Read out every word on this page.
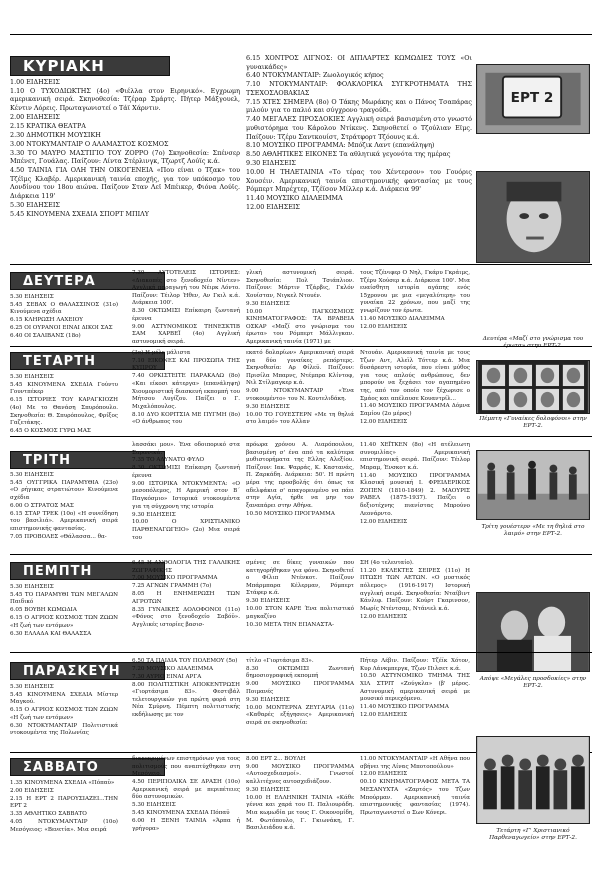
ΚΥΡΙΑΚΗ

1.00 ΕΙΔΗΣΕΙΣ

1.10 Ο ΤΥΧΟΔΙΩΚΤΗΣ (4o) «Φιέλλα στον Ειρηνικό». Εγχρωμη αμερικανική σειρά. Σκηνοθεσία: Τζέραρ Σμάρτς. Πήτερ Μάξγουελ, Κέντιν Λόρεις. Πρωταγωνιστεί ο Τάϊ Χάρντιν.

2.00 ΕΙΔΗΣΕΙΣ

2.15 ΚΡΑΤΙΚΑ ΘΕΑΤΡΑ

2.30 ΔΗΜΟΤΙΚΗ ΜΟΥΣΙΚΗ

3.00 ΝΤΟΚΥΜΑΝΤΑΙΡ Ο ΑΛΑΜΑΣΤΟΣ ΚΟΣΜΟΣ

3.30 ΤΟ ΜΑΥΡΟ ΜΑΣΤΙΓΙΟ ΤΟΥ ΖΟΡΡΟ (7o) Σκηνοθεσία: Σπένσερ Μπένετ, Γουάλας. Παίζουν: Λίντα Στέρλινγκ, Τζωρτζ Λούϊς κ.ά.

4.50 ΤΑΙΝΙΑ ΓΙΑ ΟΛΗ ΤΗΝ ΟΙΚΟΓΕΝΕΙΑ «Που είναι ο Τζακ» του Τζέϊμς Κλαβέρ. Αμερικανική ταινία εποχής, για τον υπόκοσμο του Λονδίνου τον 18ου αιώνα. Παίζουν Σταν Λεϊ Μπέικερ, Φιόνα Λούϊς. Διάρκεια 119'

5.30 ΕΙΔΗΣΕΙΣ

5.45 ΚΙΝΟΥΜΕΝΑ ΣΧΕΔΙΑ ΣΠΟΡΤ ΜΠΙΛΥ

6.15 ΧΟΝΤΡΟΣ ΛΙΓΝΟΣ: ΟΙ ΔΙΠΛΑΡΤΕΣ ΚΩΜΩΔΙΕΣ ΤΟΥΣ «Οι γυναικάδες»

6.40 ΝΤΟΚΥΜΑΝΤΑΙΡ: Ζωολογικός κήπος

7.10 ΝΤΟΚΥΜΑΝΤΑΙΡ: ΦΟΛΚΛΟΡΙΚΑ ΣΥΓΚΡΟΤΗΜΑΤΑ ΤΗΣ ΤΣΕΧΟΣΛΟΒΑΚΙΑΣ

7.15 ΧΤΕΣ ΣΗΜΕΡΑ (8o) Ο Τάκης Μωράκης και ο Πάνος Τσαπάρας μιλούν για το παλιό και σύγχρονο τραγούδι.

7.40 ΜΕΓΑΛΕΣ ΠΡΟΣΔΟΚΙΕΣ Αγγλική σειρά βασισμένη στο γνωστό μυθιστόρημα του Κάρολου Ντίκενς. Σκηνοθετεί ο Τζούλιαν Εϊμς. Παίζουν: Τζέρυ Σαντκουίστ, Στράτφορτ Τζόουνς κ.ά.

8.10 ΜΟΥΣΙΚΟ ΠΡΟΓΡΑΜΜΑ: Μπόζικ Λαντ (επανάληψη)

8.50 ΑΘΛΗΤΙΚΕΣ ΕΙΚΟΝΕΣ Τα αθλητικά γεγονότα της ημέρας

9.30 ΕΙΔΗΣΕΙΣ

10.00 Η ΤΗΛΕΤΑΙΝΙΑ «Το τέρας του Χέντερσον» του Γουόρις Χουσέιν. Αμερικανική ταινία επιστημονικής φαντασίας με τους Ρόμπερτ Μπρέχτερ, Τζέϊσον Μίλλερ κ.ά. Διάρκεια 99'

11.40 ΜΟΥΣΙΚΟ ΔΙΑΛΕΙΜΜΑ

12.00 ΕΙΔΗΣΕΙΣ

ΕΡΤ 2
ΔΕΥΤΕΡΑ

5.30 ΕΙΔΗΣΕΙΣ

5.45 ΣΕΒΑΧ Ο ΘΑΛΑΣΣΙΝΟΣ (31o) Κινούμενα σχέδια

6.15 ΚΛΗΡΩΣΗ ΛΑΧΕΙΟΥ

6.25 ΟΙ ΟΥΡΑΝΟΙ ΕΙΝΑΙ ΔΙΚΟΙ ΣΑΣ

6.40 ΟΙ ΣΑΛΙΒΑΝΣ (18o)

7.30 ΑΥΤΟΤΕΛΕΙΣ ΙΣΤΟΡΙΕΣ: «Διακοπές στο ξενοδοχείο Νίντεν» Αγγλική παραγωγή του Νέιρκ Λόντο. Παίζουν: Τέιλορ Ήθεν, Αν Γκιλ κ.ά. Διάρκεια 100'.

8.30 ΟΚΤΩΜΙΣΙ Επίκαιρη ζωντανή έρευνα

9.00 ΑΣΤΥΝΟΜΙΚΟΣ ΤΗΝΕΣΚΤΙΒ ΣΑΜ ΧΑΡΒΕΪ (4o) Αγγλική αστυνομική σειρά.

γλική αστυνομική σειρά. Σκηνοθεσία: Πολ Τσιάπλιον. Παίζουν: Μάρτιν Τζάρβις, Γκλόν Χουίσταν, Νιγκελ Ντουέν.

9.30 ΕΙΔΗΣΕΙΣ

10.00 ΠΑΓΚΟΣΜΙΟΣ ΚΙΝΗΜΑΤΟΓΡΑΦΟΣ: ΤΑ ΒΡΑΒΕΙΑ ΟΣΚΑΡ «Μαζί στο γνώρισμα του έρωτα» του Ρόμπερτ Μάλλιγκαν. Αμερικανική ταινία (1971) με

τους Τζένιφερ Ο Νηλ, Γκάρυ Γκράιμς, Τζέρυ Χούσερ κ.ά. Διάρκεια 100'. Μια ευαίσθητη ιστορία αγάπης ενός 15χρονου με μια «μεγαλύτερη» του γυναίκα 22 χρόνων, που μαζί της γνωρίζουν τον έρωτα.

11.40 ΜΟΥΣΙΚΟ ΔΙΑΛΕΙΜΜΑ

12.00 ΕΙΔΗΣΕΙΣ

Δευτέρα «Μαζί στο γνώρισμα του έρωτα» στην ΕΡΤ-2.
ΤΕΤΑΡΤΗ

5.30 ΕΙΔΗΣΕΙΣ

5.45 ΚΙΝΟΥΜΕΝΑ ΣΧΕΔΙΑ Γούντυ Γουντπέκερ

6.15 ΙΣΤΟΡΙΕΣ ΤΟΥ ΚΑΡΑΓΚΙΟΖΗ (4o) Με το Θανάση Σπυρόπουλο. Σκηνοθεσία: Θ. Σπυρόπουλος, Φρίξος Γαζετάκης.

6.45 Ο ΚΟΣΜΟΣ ΓΥΡΩ ΜΑΣ

(3o) Η μέλε μάλιστα

7.10 ΕΙΚΟΝΕΣ ΚΑΙ ΠΡΟΣΩΠΑ ΤΗΣ ΚΥΠΡΟΥ

7.40 ΟΡΚΙΣΤΕΙΤΕ ΠΑΡΑΚΑΛΩ (8o) «Και είκοσι κάτεργα» (επανάληψη) Χιουμοριστική διασκευή εκπομπή του Μήτσου Λυγίζου. Παίζει ο Γ. Μιχαλόπουλος.

8.10 ΔΥΟ ΚΟΡΙΤΣΙΑ ΜΕ ΠΥΓΜΗ (8o) «Ο άνθρωπος του

εκατό δολαρίων» Αμερικανική σειρά για δύο γυναίκες ρεπόρτερς. Σκηνοθεσία: Αρ Φίλεϋ. Παίζουν: Πρισίλα Μπαρνς, Ντέμπρα Κλίντοφ, Νιλ Στίλμαγκερ κ.ά.

9.00 ΝΤΟΚΥΜΑΝΤΑΙΡ «Ένα ντοκουμέντο» του Ν. Κουτελιδάκη.

9.30 ΕΙΔΗΣΕΙΣ

10.00 ΤΟ ΓΟΥΕΣΤΕΡΝ «Με τη θηλιά στο λαιμό» του Αλλαν

Ντουάν. Αμερικανική ταινία με τους Τζων Αντ, Αλεϊλ Τόττερ κ.ά. Μια δυσάρεστη ιστορία, που είναι μύθος για τους απλούς ανθρώπους, δεν μπορούν να ξεχάσει τον αγαπημένο της, από τον οποίο τον ξέχωρισε ο Σμάος και απέλαυσε Κουαντρίλ...

11.40 ΜΟΥΣΙΚΟ ΠΡΟΓΡΑΜΜΑ Δόμνα Σαμίου (2ο μέρος)

12.00 ΕΙΔΗΣΕΙΣ	Πέμπτη «Γυναίκες δολοφόνοι» στην ΕΡΤ-2.
ΤΡΙΤΗ

5.30 ΕΙΔΗΣΕΙΣ

5.45 ΟΥΓΓΡΙΚΑ ΠΑΡΑΜΥΘΙΑ (23o) «Ο ρήγικας στρατιώτου» Κινούμενα σχέδια

6.00 Ο ΣΤΡΑΤΟΣ ΜΑΣ

6.15 ΣΤΑΡ ΤΡΕΚ (10o) «Η συνείδηση του βασιλιά». Αμερικανική σειρά επιστημονικής φαντασίας.

7.05 ΠΡΟΒΟΛΕΣ «Θάλασσα... θα-

λασσάκι μου». Ένα οδοιπορικό στα Σαρωνικά.

7.35 ΤΟ ΑΔΥΝΑΤΟ ΦΥΛΟ

8.30 ΟΚΤΩΜΙΣΙ Επίκαιρη ζωντανή έρευνα

9.00 ΙΣΤΟΡΙΚΑ ΝΤΟΚΥΜΕΝΤΑ: «Ο μεσοπόλεμος, Η Αμερική στον Β΄ Παγκόσμιο» Ιστορικά ντοκουμέντα για τη σύγχρονη της ιστορία

9.30 ΕΙΔΗΣΕΙΣ

10.00 Ο ΧΡΙΣΤΙΑΝΙΚΟ ΠΑΡΘΕΝΑΓΩΓΕΙΟ» (2o) Μια σειρά του

πρόωρα χρόνου Α. Λιαρόπουλου, βασισμένη σ' ένα από τα καλύτερα μυθιστορήματα της Ελλης Αλεξίου. Παίζουν: Ιακ. Ψαρράς, Κ. Καστανάς, Π. Ζαρκάδη. Διάρκεια: 50'. Η πρώτη μέρα της προσβολής ότι όπως τα αδελφάκια σ' απαγορευμένο να πάει στην Αγία, ήρθε να μην τον ξαναπάρει στην Αθήνα.

10.50 ΜΟΥΣΙΚΟ ΠΡΟΓΡΑΜΜΑ

11.40 ΧΕΪΤΚΕΝ (8o) «Η ατέλειωτη συνομιλίας» Αμερικανική επιστημονική σειρά. Παίζουν: Τέιλορ Μπραμ, Ένσκοτ κ.ά.

11.40 ΜΟΥΣΙΚΟ ΠΡΟΓΡΑΜΜΑ Κλασική μουσική Ι. ΦΡΕΙΔΕΡΙΚΟΣ ΖΟΠΕΝ (1810-1849) 2. ΜΑΟΥΡΙΣ ΡΑΒΕΛ (1875-1937). Παίζει ο δεξιοτέχνης πιανίστας Μπρούνο Λεονάρντο.

12.00 ΕΙΔΗΣΕΙΣ

Τρίτη γουέστερν «Με τη θηλιά στο λαιμό» στην ΕΡΤ-2.
ΠΕΜΠΤΗ

5.30 ΕΙΔΗΣΕΙΣ

5.45 ΤΟ ΠΑΡΑΜΥΘΙ ΤΩΝ ΜΕΓΑΛΩΝ Παιδικό

6.05 ΒΟΥΒΗ ΚΩΜΩΔΙΑ

6.15 Ο ΑΓΡΙΟΣ ΚΟΣΜΟΣ ΤΩΝ ΖΩΩΝ «Η ζωή των εντόμων»

6.30 ΕΛΛΑΔΑ ΚΑΙ ΘΑΛΑΣΣΑ

6.45 Η ΑΝΘΟΛΟΓΙΑ ΤΗΣ ΓΑΛΛΙΚΗΣ ΖΩΓΡΑΦΙΚΗΣ

7.00 ΜΟΥΣΙΚΟ ΠΡΟΓΡΑΜΜΑ

7.25 ΑΓΝΩΝ ΓΡΑΜΜΗ (7o)

8.05 Η ΕΝΗΜΕΡΩΣΗ ΤΩΝ ΑΓΡΟΤΩΝ

8.35 ΓΥΝΑΙΚΕΣ ΔΟΛΟΦΟΝΟΙ (11o) «Φόνος στο ξενοδοχείο Σαβόϋ». Αγγλικές ιστορίες βασισ-

σμένες σε δίκες γυναικών που κατηγορήθηκαν για φόνο. Σκηνοθετεί ο Φίλιπ Ντένκοτ. Παίζουν Μπάρμπαρα Κέλερμαν, Ρόμπερτ Στάφερ κ.ά.

9.30 ΕΙΔΗΣΕΙΣ

10.00 ΣΤΟΝ ΚΑΡΕ Ένα πολιτιστικό μαγκαζίνο

10.30 ΜΕΤΑ ΤΗΝ ΕΠΑΝΑΣΤΑ-

ΣΗ (4o τελευταίο).

11.20 ΕΚΛΕΚΤΕΣ ΣΕΙΡΕΣ (11o) Η ΠΤΩΣΗ ΤΩΝ ΑΕΤΩΝ. «Ο μυστικός πόλεμος» (1916-1917) Ιστορική αγγλική σειρά. Σκηνοθεσία: Νταίβιντ Κάνλιφ. Παίζουν: Κούρτ Γκαρινσον, Μωρίς Ντέντσαμ, Ντάνιελ κ.ά.

12.00 ΕΙΔΗΣΕΙΣ

Απόψε «Μεγάλες προσδοκίες» στην ΕΡΤ-2.
ΠΑΡΑΣΚΕΥΗ

5.30 ΕΙΔΗΣΕΙΣ

5.45 ΚΙΝΟΥΜΕΝΑ ΣΧΕΔΙΑ Μίστερ Μαγκού.

6.15 Ο ΑΓΡΙΟΣ ΚΟΣΜΟΣ ΤΩΝ ΖΩΩΝ «Η ζωή των εντόμων»

6.30 ΝΤΟΚΥΜΑΝΤΑΙΡ Πολιτιστικά ντοκουμέντα της Πολωνίας

6.50 ΤΑ ΠΑΙΔΙΑ ΤΟΥ ΠΟΛΕΜΟΥ (5o)

7.20 ΜΟΥΣΙΚΟ ΔΙΑΛΕΙΜΜΑ

7.30 ΑΥΡΙΟ ΕΙΝΑΙ ΑΡΓΑ

8.00 ΠΟΛΙΤΙΣΤΙΚΗ ΑΠΟΚΕΝΤΡΩΣΗ «Γιορτάσιμα 83». Φεστιβάλ τελετουργικών για πρώτη φορά στη Νέα Σμύρνη. Πέμπτη πολιτιστικής εκδήλωσης με τον

τίτλο «Γιορτάσιμα 83».

8.30 ΟΚΤΩΜΙΣΙ Ζωντανή δημοσιογραφική εκπομπή

9.00 ΜΟΥΣΙΚΟ ΠΡΟΓΡΑΜΜΑ Ποιμανές

9.30 ΕΙΔΗΣΕΙΣ

10.00 ΜΟΝΤΕΡΝΑ ΖΕΥΓΑΡΙΑ (11o) «Καθαρές εξήγησεις» Αμερικανική σειρά σε σκηνοθεσία:

Πήτερ Λέβιν. Παίζουν: Τζέϊκ Χότον, Κυρ Λάνκμπεργκ, Τζων Πιλσετ κ.ά.

10.50 ΑΣΤΥΝΟΜΙΚΟ ΤΜΗΜΑ ΤΗΣ ΧΙΛ ΣΤΡΙΤ «Ζούγκλα» (β' μέρος. Αστυνομική αμερικανική σειρά με μουσικό περιεχόμενο.

11.40 ΜΟΥΣΙΚΟ ΠΡΟΓΡΑΜΜΑ

12.00 ΕΙΔΗΣΕΙΣ

ΣΑΒΒΑΤΟ

1.35 ΚΙΝΟΥΜΕΝΑ ΣΧΕΔΙΑ «Πόπαϋ»

2.00 ΕΙΔΗΣΕΙΣ

2.15 Η ΕΡΤ 2 ΠΑΡΟΥΣΙΑΖΕΙ...ΤΗΝ ΕΡΤ 2

3.35 ΑΘΛΗΤΙΚΟ ΣΑΒΒΑΤΟ

4.05 ΝΤΟΚΥΜΑΝΤΑΙΡ (10o) Μεσόγειος: «Βενετία». Μια σειρά

διακεκριμένων επιστημόνων για τους πολιτισμούς που αναπτύχθηκαν στη Μεσόγειο.

4.50 ΠΕΡΙΠΟΛΙΚΑ ΣΕ ΔΡΑΣΗ (10o) Αμερικανική σειρά με περιπέτειες δύο αστυνομικών.

5.30 ΕΙΔΗΣΕΙΣ

5.45 ΚΙΝΟΥΜΕΝΑ ΣΧΕΔΙΑ Πόπαϋ

6.00 Η ΞΕΝΗ ΤΑΙΝΙΑ «Άρπα ή γρήγορα»

8.00 ΕΡΤ 2... ΒΟΥΛΗ

9.00 ΜΟΥΣΙΚΟ ΠΡΟΓΡΑΜΜΑ «Αυτοσχεδιασμοί». Γνωστοί καλλιτέχνες αυτοσχεδιάζουν.

9.30 ΕΙΔΗΣΕΙΣ

10.00 Η ΕΛΛΗΝΙΚΗ ΤΑΙΝΙΑ «Κάθε γέννα και χαρά του Π. Παλιουράδη. Μια κωμωδία με τους Γ. Οικονομίδη, Μ. Φωτόπουλο, Γ. Γκιωνάκη, Γ. Βασιλειάδου κ.ά.

11.00 ΝΤΟΚΥΜΑΝΤΑΙΡ «Η Αθήνα που σβήνει της Λίνας Μποτοπούλου»

12.00 ΕΙΔΗΣΕΙΣ

00.10 ΚΙΝΗΜΑΤΟΓΡΑΦΟΣ ΜΕΤΑ ΤΑ ΜΕΣΑΝΥΧΤΑ «Ζαρτός» του Τζων Μπούρμαν. Αμερικανική ταινία επιστημονικής φαντασίας (1974). Πρωταγωνιστεί ο Σων Κόνερι.

Τετάρτη «Γ' Χριστιανικό Παρθεναγωγείο» στην ΕΡΤ-2.
